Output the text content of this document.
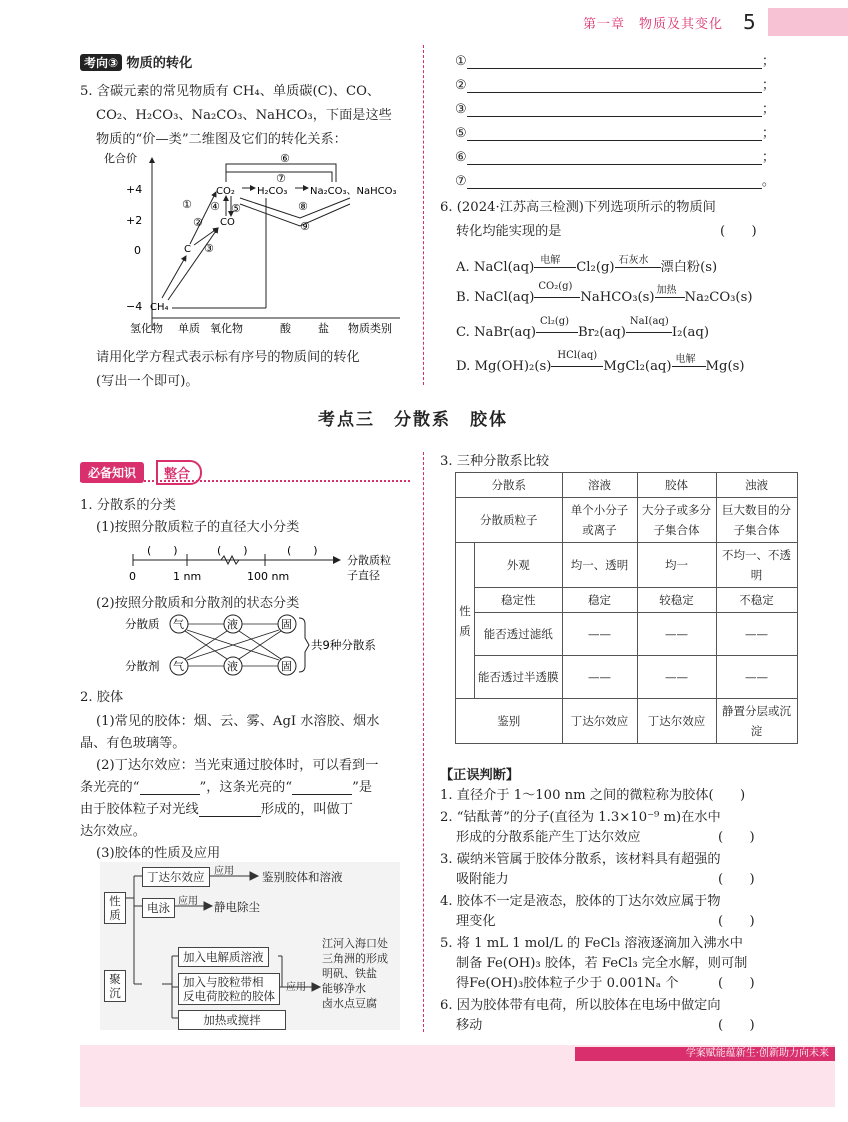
第一章　物质及其变化 5
考向③ 物质的转化
5. 含碳元素的常见物质有 CH₄、单质碳(C)、CO、
CO₂、H₂CO₃、Na₂CO₃、NaHCO₃，下面是这些
物质的“价—类”二维图及它们的转化关系：
化合价
+4
+2
0
−4
氢化物 单质 氧化物	酸 盐 物质类别
CO₂ H₂CO₃ Na₂CO₃、NaHCO₃
CO
C
CH₄
⑥
⑦
①
②
③
④ ⑤	⑧
⑨
请用化学方程式表示标有序号的物质间的转化
(写出一个即可)。
①	；
②	；
③	；
⑤	；
⑥	；
⑦	。
6. (2024·江苏高三检测)下列选项所示的物质间
转化均能实现的是	(　　)
A. NaCl(aq) 电解 Cl₂(g) 石灰水 漂白粉(s)
B. NaCl(aq)
CO₂(g)
NaHCO₃(s) 加热 Na₂CO₃(s)
C. NaBr(aq)
Cl₂(g)
Br₂(aq)
NaI(aq)
I₂(aq)
D. Mg(OH)₂(s)
HCl(aq)
MgCl₂(aq) 电解 Mg(s)
考点三　分散系　胶体
必备知识	整合
1. 分散系的分类
(1)按照分散质粒子的直径大小分类
(　　)	(　　)	(　　)
0	1 nm	100 nm
分散质粒
子直径
(2)按照分散质和分散剂的状态分类
分散质
分散剂
气	液	固
气	液	固
共9种分散系
2. 胶体
(1)常见的胶体：烟、云、雾、AgI 水溶胶、烟水
晶、有色玻璃等。
(2)丁达尔效应：当光束通过胶体时，可以看到一
条光亮的“	”，这条光亮的“	”是
由于胶体粒子对光线	形成的，叫做丁
达尔效应。
(3)胶体的性质及应用
性质
聚沉
丁达尔效应 应用 鉴别胶体和溶液
电泳 应用 静电除尘
加入电解质溶液
加入与胶粒带相
反电荷胶粒的胶体
加热或搅拌
应用
江河入海口处
三角洲的形成
明矾、铁盐
能够净水
卤水点豆腐
3. 三种分散系比较
分散系		溶液	胶体	浊液
分散质粒子		单个小分子或离子	大分子或多分子集合体	巨大数目的分子集合体
性质	外观	均一、透明	均一	不均一、不透明
	稳定性	稳定	较稳定	不稳定
	能否透过滤纸	——	——	——
	能否透过半透膜	——	——	——
鉴别		丁达尔效应	丁达尔效应	静置分层或沉淀
【正误判断】
1. 直径介于 1～100 nm 之间的微粒称为胶体(　　)
2. “钴酞菁”的分子(直径为 1.3×10⁻⁹ m)在水中
形成的分散系能产生丁达尔效应	(　　)
3. 碳纳米管属于胶体分散系，该材料具有超强的
吸附能力	(　　)
4. 胶体不一定是液态，胶体的丁达尔效应属于物
理变化	(　　)
5. 将 1 mL 1 mol/L 的 FeCl₃ 溶液逐滴加入沸水中
制备 Fe(OH)₃ 胶体，若 FeCl₃ 完全水解，则可制
得Fe(OH)₃胶体粒子少于 0.001Nₐ 个	(　　)
6. 因为胶体带有电荷，所以胶体在电场中做定向
移动	(　　)
学案赋能蕴新生·创新助力向未来
